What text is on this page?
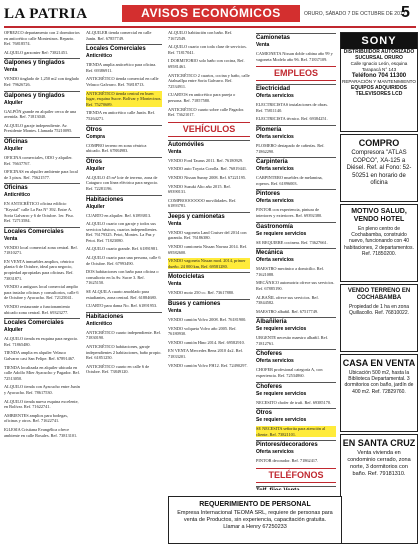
LA PATRIA	AVISOS ECONÓMICOS	ORURO, SÁBADO 7 DE OCTUBRE DE 2017
5

OFREZCO departamento con 2 dormitorios en anticrético calle Montesinos. Reparto. Ref. 76818574.

ALQUILO garzonier Ref: 73821451.

Galpones y tinglados
Venta

VENDO tinglado de 1,250 m2 con tinglado Ref: 79626726.

Galpones y tinglados
Alquiler

GALPÓN grande en alquiler cerca de una avenida. Ref. 71813040.

ALQUILO garaje independiente. Av. Presidente Montes. Llamada 75210095.

Oficinas
Alquiler

OFICINA comerciales, ODO y alquiler. Ref. 76637767.

OFICINAS en alquiler ambiente para local de 3 pisos. Ref. 75621577.

Oficinas
Anticrético

EN ANTICRÉTICO oficina edificio "Krystal" calle La Paz N° 392. Entre A. Soria Galvarro y 6 de Octubre. 1er. Piso. Ref. 72713584.

Locales Comerciales
Venta

VENDO local comercial zona central. Ref. 71810271.

EN VENTA inmuebles amplios, céntrico planta 6 de Octubre, ideal para negocio, propiedad apropiadas para oficinas. Ref. 73831871.

VENDO a antiguos local comercial amplio para instalar oficinas y consultorios, calle 6 de Octubre y Ayacucho. Ref. 72125041.

VENDO restaurante a funcionamiento ubicado zona central. Ref. 69323277.

Locales Comerciales
Alquiler

ALQUILO tienda en esquina para negocio. Ref. 71865480.

TIENDA amplia en alquiler Velasco Galvarro casi San Felipe. Ref. 67891467.

TIENDA localizada en alquiler ubicada en calle Adolfo Mier Ayacucho y Pagador. Ref. 72513050.

ALQUILO tienda con Ayacucho entre Junín y Ayacucho. Ref. 78617530.

ALQUILO tienda nueva esquina excelente, en Bolívar. Ref. 71622741.

AMBIENTES amplios para bodegas, oficinas y otros. Ref. 71622741.

IGLESIA Cristiana Evangélica ofrece ambiente en calle Rosales. Ref. 73813101.

ALQUILER tienda comercial en calle Junín. Ref. 67857749.

Locales Comerciales
Anticrético

TIENDA amplia anticrético para oficina. Ref. 69386911.

ANTICRÉTICO tienda comercial en calle Velasco Galvarro. Ref. 76818713.

ANTICRÉTICO tienda central en buen lugar, esquina Sucre. Bolívar y Montecinos. Ref. 75270689.

TIENDA en anticrético calle Junín. Ref. 75264271.

Otros
Compra

COMPRO terreno en zona céntrica ubicado. Ref. 67884983.

Otros
Alquiler

ALQUILO 45 m² lote de terreno, zona de Cataguro con línea eléctrica para negocio. Ref. 72281196.

Habitaciones
Alquiler

CUARTO en alquiler. Ref. 61893813.

ALQUILO cuarto con garaje y todos sus servicios básicos, cuartos independientes. Ref. 76179325. Petot, Montes. La Paz y Petot. Ref. 71823080.

ALQUILO cuarto grande. Ref. 61891981.

ALQUILO cuarto para una persona, calle 6 de Octubre. Ref. 67993490.

DOS habitaciones con baño para oficina o consultorio en la Av. Sucre 3. Ref. 71625150.

SE ALQUILA cuarto amoblado para estudiantes, zona central. Ref. 61884680.

CUARTO para dama No. Ref. 61891953.

Habitaciones
Anticrético

ANTICRÉTICO cuarto independiente. Ref. 71830190.

ANTICRÉTICO habitaciones, garaje independientes 2 habitaciones, baño propio. Ref. 61851250.

ANTICRÉTICO cuarto en calle 6 de Octubre. Ref. 73849120.

ALQUILO habitación con baño. Ref. 71672549.

ALQUILO cuarto con toda clase de servicios. Ref. 71817041.

I DORMITORIO solo baño con cocina, Ref. 69581461.

ANTICRÉTICO 2 cuartos, cocina y baño, calle Atahuallpa entre Soria Galvarro. Ref. 72534911.

CUARTOS en anticrético para pareja o persona. Ref. 71857580.

ANTICRÉTICO cuarto sobre calle Pagador. Ref. 73621017.

VEHÍCULOS
Automóviles
Venta

VENDO Ford Taurus 2011. Ref. 76180929.

VENDO auto Toyota Corolla. Ref. 76819441.

VENDO Nissan Sunny 2008. Ref. 67221195.

VENDO Suzuki Alto año 2015. Ref. 69390131.

COMPROOOOOOO movilidades. Ref. 61893781.

Jeeps y camionetas
Venta

VENDO vagoneta Land Cruiser del 2014 con garantía. Ref. 76186380.

VENDO camioneta Nissan Navara 2014. Ref. 69582600.

VENDO vagoneta Nissan mod. 2014, primer dueño. 24 000 km, Ref. 69581280.

Motocicletas
Venta

VENDO moto 250 cc. Ref. 73617880.

Buses y camiones
Venta

VENDO camión Volvo 2008. Ref. 76181900.

VENDO volqueta Volvo año 2005. Ref. 76180930.

VENDO camión Hino 2014. Ref. 69582910.

EN VENTA Mercedes Benz 2010 4x2. Ref. 71833201.

VENDO camión Volvo FH12. Ref. 72490297.

Camionetas
Venta

CAMIONETA Nissan doble cabina año 99 y vagoneta Modelo año 96. Ref. 71837109.

EMPLEOS
Electricidad
Oferta servicios

ELECTRICISTAS instalaciones de obras. Ref. 75811140.

ELECTRICISTA técnico. Ref. 69384251.

Plomería
Oferta servicios

PLOMERO destapado de cañerías. Ref. 71862290.

Carpintería
Oferta servicios

CARPINTERO muebles de melamina, roperos. Ref. 61896003.

Pintores
Oferta servicios

PINTOR con experiencia, pintura de interiores y exteriores. Ref. 69392380.

Gastronomía
Se requiere servicios

SE REQUIERE cocinera. Ref. 73627661.

Mecánica
Oferta servicios

MAESTRO mecánico a domicilio. Ref. 71621088.

MECÁNICO automotriz ofrece sus servicios. Ref. 67885190.

ALBAÑIL ofrece sus servicios. Ref. 73844582.

MAESTRO albañil. Ref. 67517749.

Albañilería
Se requiere servicios

URGENTE necesito maestro albañil. Ref. 71812761.

Choferes
Oferta servicios

CHOFER profesional categoría A, con experiencia. Ref. 72534860.

Choferes
Se requiere servicios

NECESITO chofer de trufi. Ref. 69385170.

Otros
Se requiere servicios

SE NECESITA señorita para atención al cliente. Ref. 73821101.

Pintores/decoradores
Oferta servicios

PINTOR decorador. Ref. 71862417.

TELÉFONOS

SONY
DISTRIBUIDOR AUTORIZADO
SUCURSAL ORURO
Calle Ignacio León, esquina Tarapacá N° 143
Teléfono 704 11300
REPARACIÓN Y MANTENIMIENTO
EQUIPOS ADQUIRIDOS
TELEVISORES LCD
COMPRO
Compresora "ATLAS COPCO", XA-125 a Diésel. Ref. al Fono: 52-50251 en horario de oficina
MOTIVO SALUD, VENDO HOTEL
En pleno centro de Cochabamba, construido nuevo, funcionando con 40 habitaciones, 2 departamentos. Ref. 71850200.
VENDO TERRENO EN COCHABAMBA
Propiedad de 1 ha en zona Quillacollo. Ref. 76810022.
CASA EN VENTA
Ubicación 500 m2, hasta la Biblioteca Departamental. 3 dormitorios con baño, jardín de 400 m2. Ref. 72829760.
EN SANTA CRUZ
Venta vivienda en condominio cerrado, zona norte, 3 dormitorios con baño. Ref. 79181310.
REQUERIMIENTO DE PERSONAL
Empresa Internacional TEOMA SRL, requiere de personas para venta de Productos, sin experiencia, capacitación gratuita. Llamar a Henry 67250233
